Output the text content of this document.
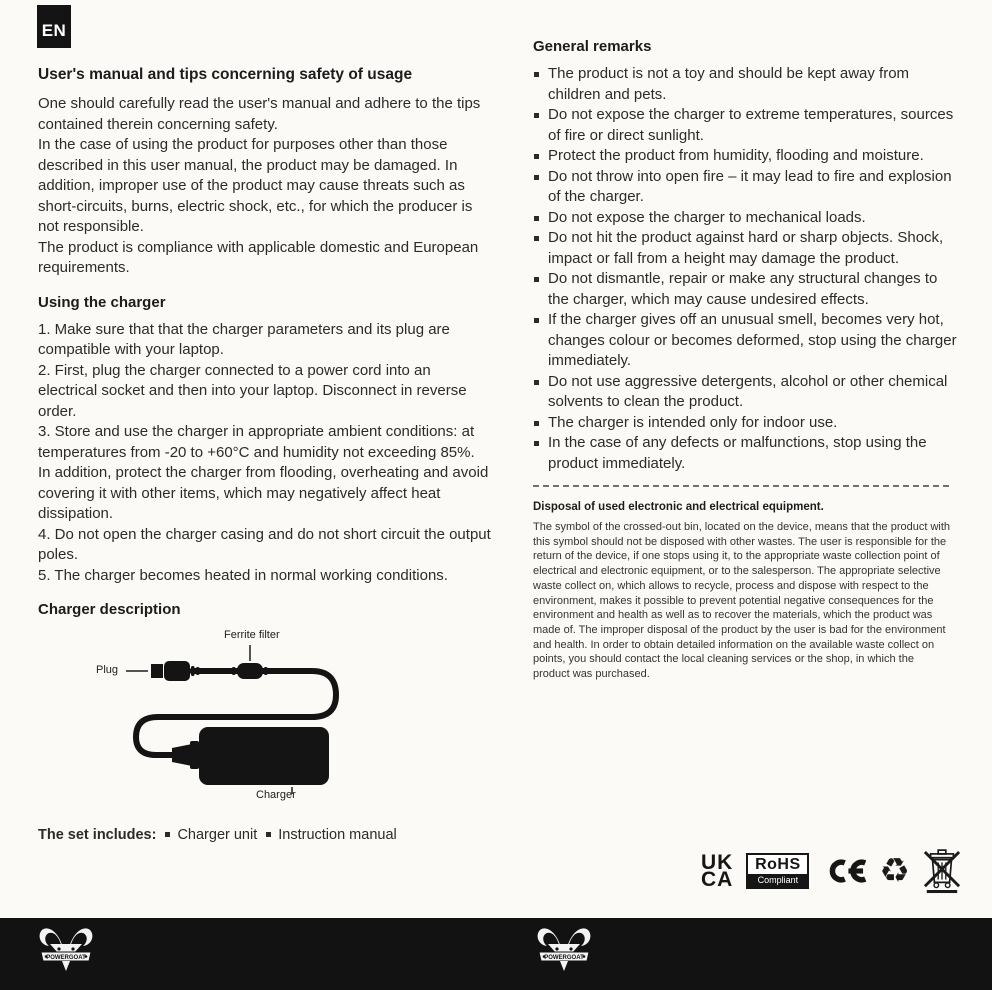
EN
User's manual and tips concerning safety of usage

One should carefully read the user's manual and adhere to the tips contained therein concerning safety.

In the case of using the product for purposes other than those described in this user manual, the product may be damaged. In addition, improper use of the product may cause threats such as short-circuits, burns, electric shock, etc., for which the producer is not responsible.

The product is compliance with applicable domestic and European requirements.

Using the charger
1. Make sure that that the charger parameters and its plug are compatible with your laptop.
2. First, plug the charger connected to a power cord into an electrical socket and then into your laptop. Disconnect in reverse order.
3. Store and use the charger in appropriate ambient conditions: at temperatures from -20 to +60°C and humidity not exceeding 85%. In addition, protect the charger from flooding, overheating and avoid covering it with other items, which may negatively affect heat dissipation.
4. Do not open the charger casing and do not short circuit the output poles.
5. The charger becomes heated in normal working conditions.
Charger description
Ferrite filter
Plug
Charger
The set includes: Charger unit Instruction manual
General remarks
The product is not a toy and should be kept away from children and pets.
Do not expose the charger to extreme temperatures, sources of fire or direct sunlight.
Protect the product from humidity, flooding and moisture.
Do not throw into open fire – it may lead to fire and explosion of the charger.
Do not expose the charger to mechanical loads.
Do not hit the product against hard or sharp objects. Shock, impact or fall from a height may damage the product.
Do not dismantle, repair or make any structural changes to the charger, which may cause undesired effects.
If the charger gives off an unusual smell, becomes very hot, changes colour or becomes deformed, stop using the charger immediately.
Do not use aggressive detergents, alcohol or other chemical solvents to clean the product.
The charger is intended only for indoor use.
In the case of any defects or malfunctions, stop using the product immediately.
Disposal of used electronic and electrical equipment.

The symbol of the crossed-out bin, located on the device, means that the product with this symbol should not be disposed with other wastes. The user is responsible for the return of the device, if one stops using it, to the appropriate waste collection point of electrical and electronic equipment, or to the salesperson. The appropriate selective waste collect on, which allows to recycle, process and dispose with respect to the environment, makes it possible to prevent potential negative consequences for the environment and health as well as to recover the materials, which the product was made of. The improper disposal of the product by the user is bad for the environment and health. In order to obtain detailed information on the available waste collect on points, you should contact the local cleaning services or the shop, in which the product was purchased.

UK
CA
RoHS
Compliant ♻
POWERGOAT	POWERGOAT
